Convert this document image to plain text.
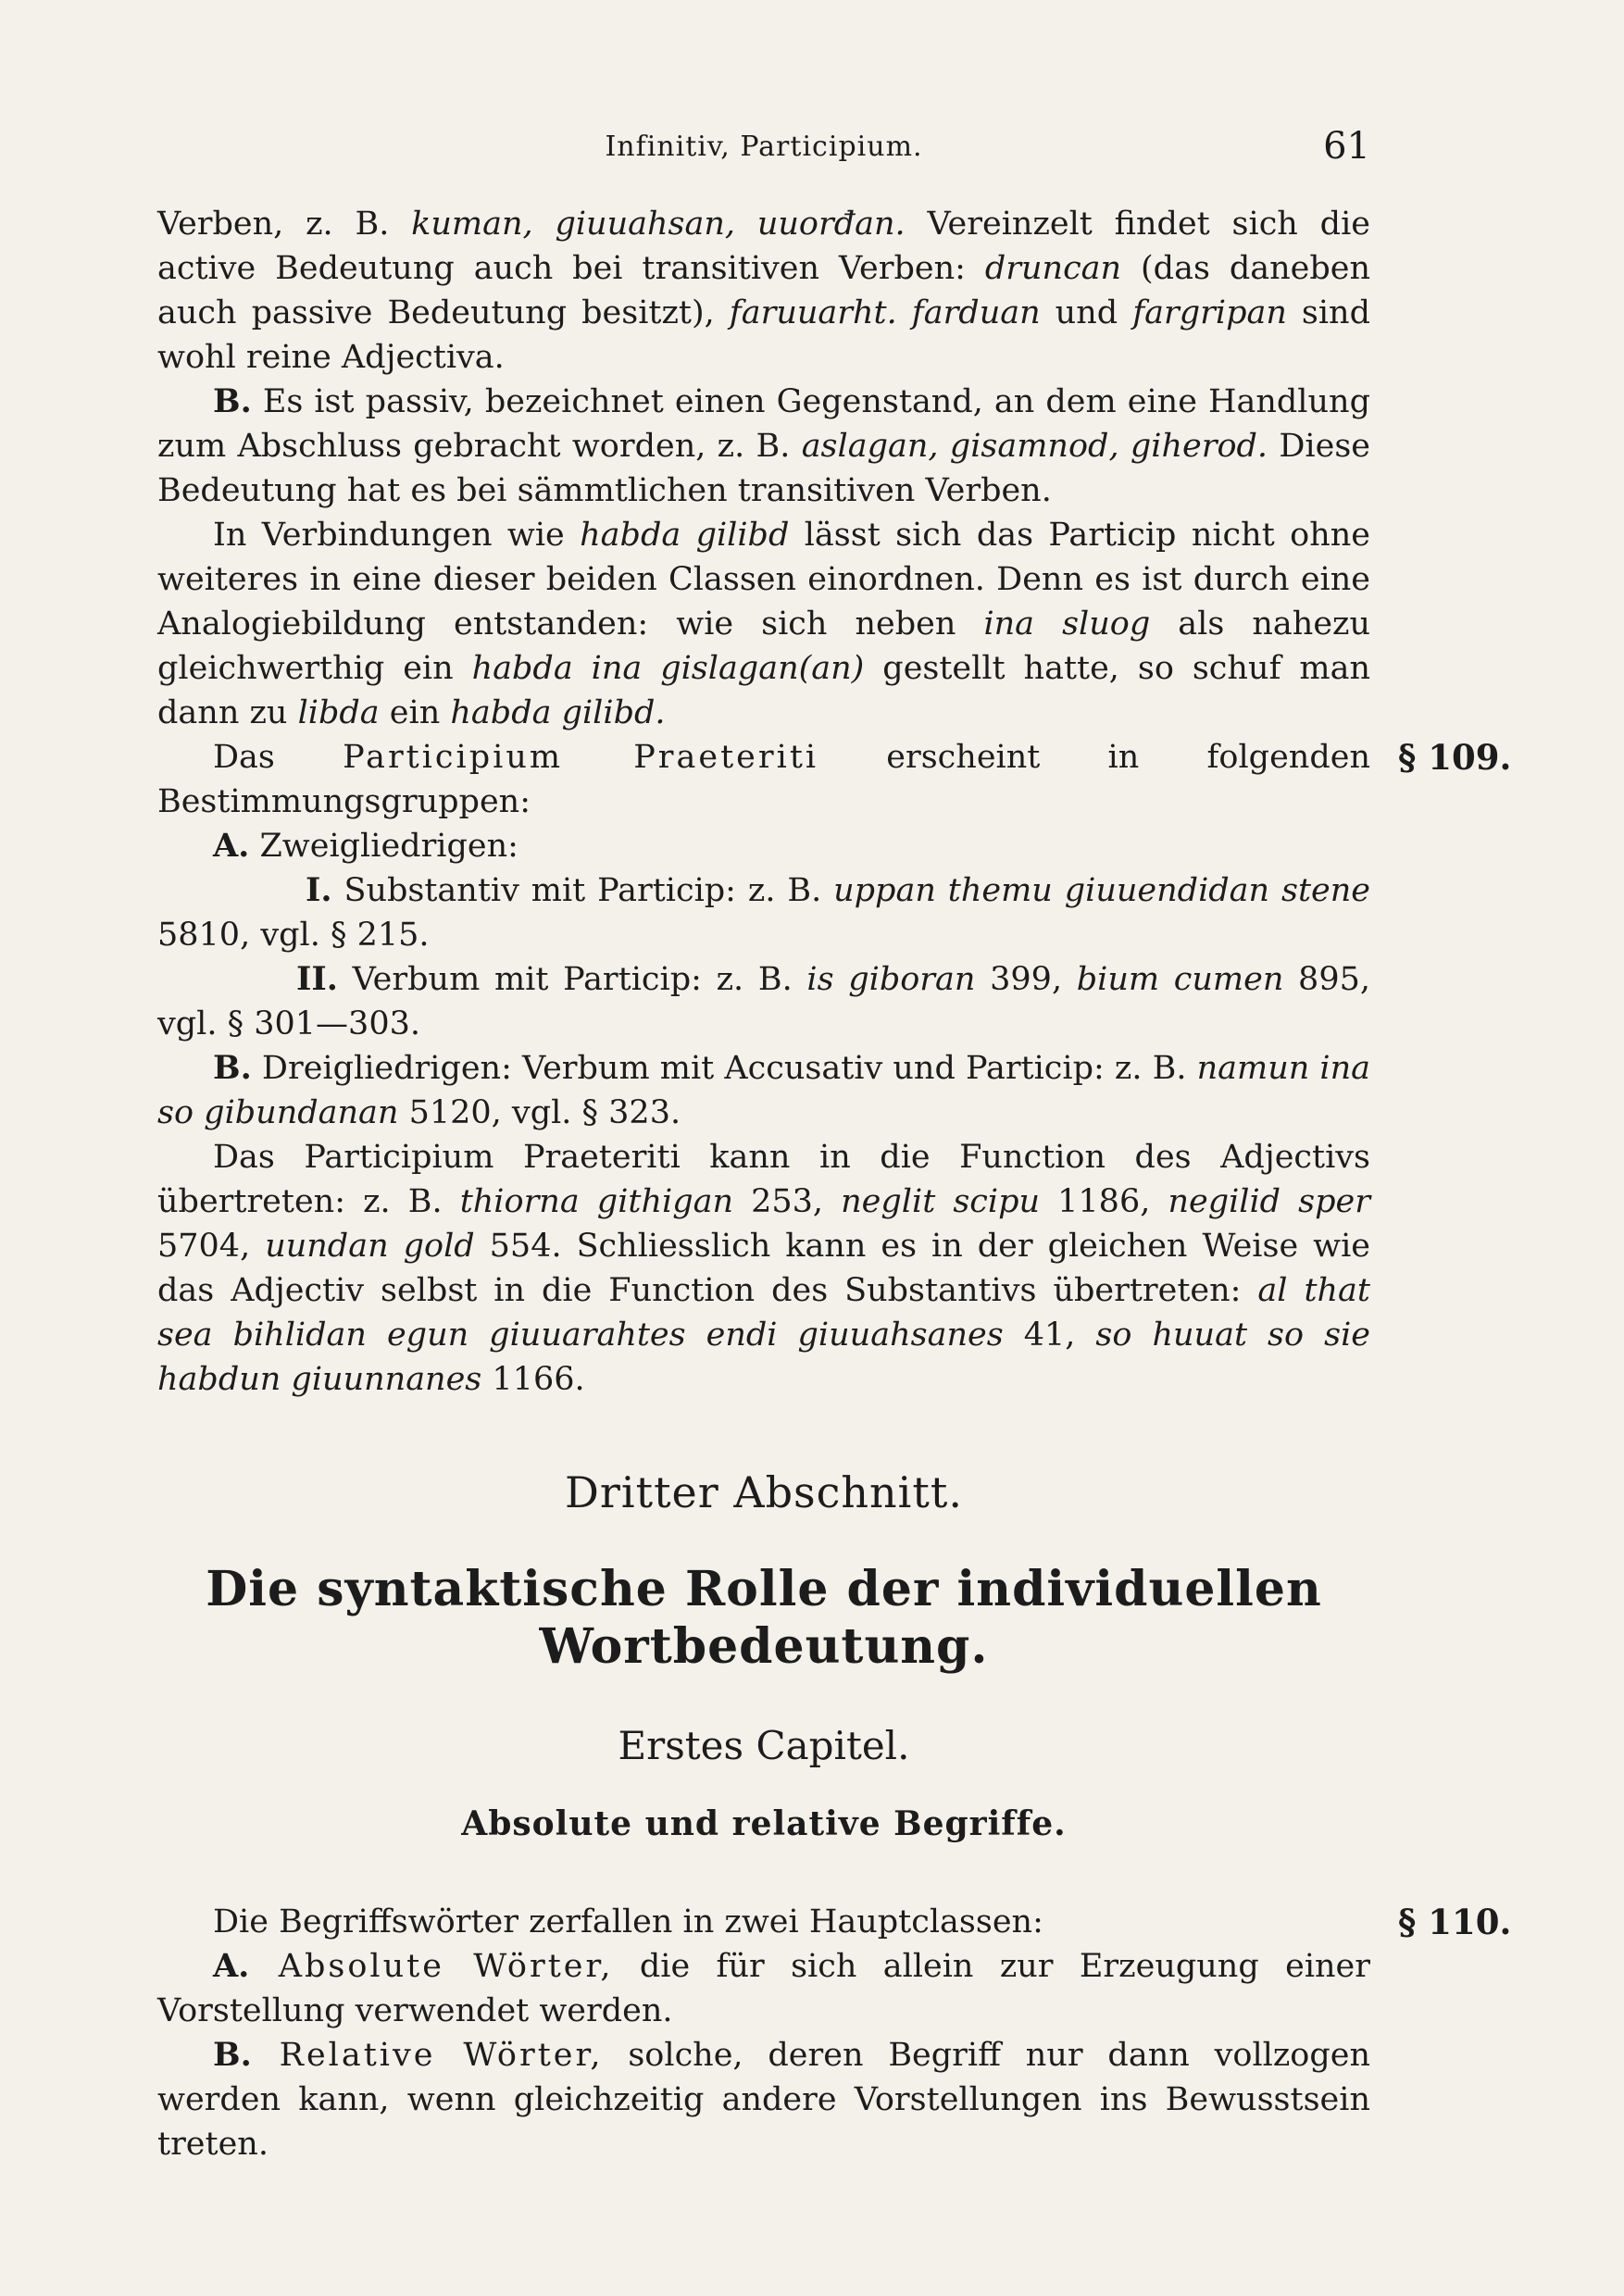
Infinitiv, Participium.	61

Verben, z. B. kuman, giuuahsan, uuorđan. Vereinzelt findet sich die active Bedeutung auch bei transitiven Verben: druncan (das daneben auch passive Bedeutung besitzt), faruuarht. farduan und fargripan sind wohl reine Adjectiva.

B. Es ist passiv, bezeichnet einen Gegenstand, an dem eine Handlung zum Abschluss gebracht worden, z. B. aslagan, gisamnod, giherod. Diese Bedeutung hat es bei sämmtlichen transitiven Verben.

In Verbindungen wie habda gilibd lässt sich das Particip nicht ohne weiteres in eine dieser beiden Classen einordnen. Denn es ist durch eine Analogiebildung entstanden: wie sich neben ina sluog als nahezu gleichwerthig ein habda ina gislagan(an) gestellt hatte, so schuf man dann zu libda ein habda gilibd.

Das Participium Praeteriti erscheint in folgenden Bestimmungsgruppen:

§ 109.

A. Zweigliedrigen:

I. Substantiv mit Particip: z. B. uppan themu giuuendidan stene 5810, vgl. § 215.

II. Verbum mit Particip: z. B. is giboran 399, bium cumen 895, vgl. § 301—303.

B. Dreigliedrigen: Verbum mit Accusativ und Particip: z. B. namun ina so gibundanan 5120, vgl. § 323.

Das Participium Praeteriti kann in die Function des Adjectivs übertreten: z. B. thiorna githigan 253, neglit scipu 1186, negilid sper 5704, uundan gold 554. Schliesslich kann es in der gleichen Weise wie das Adjectiv selbst in die Function des Substantivs übertreten: al that sea bihlidan egun giuuarahtes endi giuuahsanes 41, so huuat so sie habdun giuunnanes 1166.

Dritter Abschnitt.
Die syntaktische Rolle der individuellen Wortbedeutung.
Erstes Capitel.
Absolute und relative Begriffe.

Die Begriffswörter zerfallen in zwei Hauptclassen:	§ 110.

A. Absolute Wörter, die für sich allein zur Erzeugung einer Vorstellung verwendet werden.

B. Relative Wörter, solche, deren Begriff nur dann vollzogen werden kann, wenn gleichzeitig andere Vorstellungen ins Bewusstsein treten.
